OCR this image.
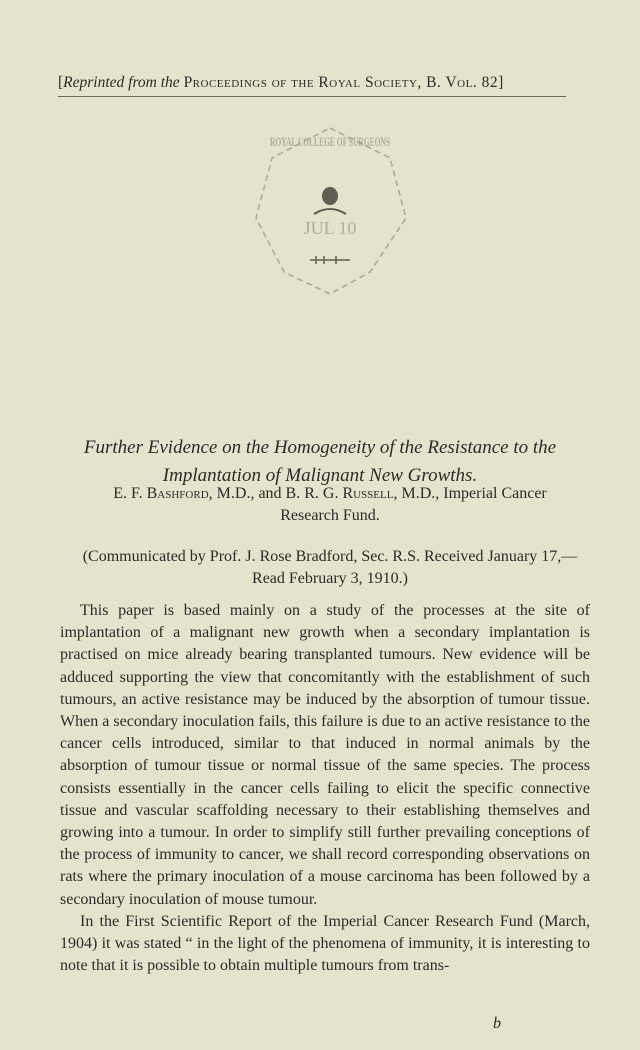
[Reprinted from the Proceedings of the Royal Society, B. Vol. 82]
ROYAL COLLEGE OF SURGEONS
JUL 10
Further Evidence on the Homogeneity of the Resistance to the
Implantation of Malignant New Growths.
E. F. Bashford, M.D., and B. R. G. Russell, M.D., Imperial Cancer
Research Fund.
(Communicated by Prof. J. Rose Bradford, Sec. R.S. Received January 17,—
Read February 3, 1910.)

This paper is based mainly on a study of the processes at the site of implantation of a malignant new growth when a secondary implantation is practised on mice already bearing transplanted tumours. New evidence will be adduced supporting the view that concomitantly with the establishment of such tumours, an active resistance may be induced by the absorption of tumour tissue. When a secondary inoculation fails, this failure is due to an active resistance to the cancer cells introduced, similar to that induced in normal animals by the absorption of tumour tissue or normal tissue of the same species. The process consists essentially in the cancer cells failing to elicit the specific connective tissue and vascular scaffolding necessary to their establishing themselves and growing into a tumour. In order to simplify still further prevailing conceptions of the process of immunity to cancer, we shall record corresponding observations on rats where the primary inoculation of a mouse carcinoma has been followed by a secondary inoculation of mouse tumour.

In the First Scientific Report of the Imperial Cancer Research Fund (March, 1904) it was stated “ in the light of the phenomena of immunity, it is interesting to note that it is possible to obtain multiple tumours from trans-

b
